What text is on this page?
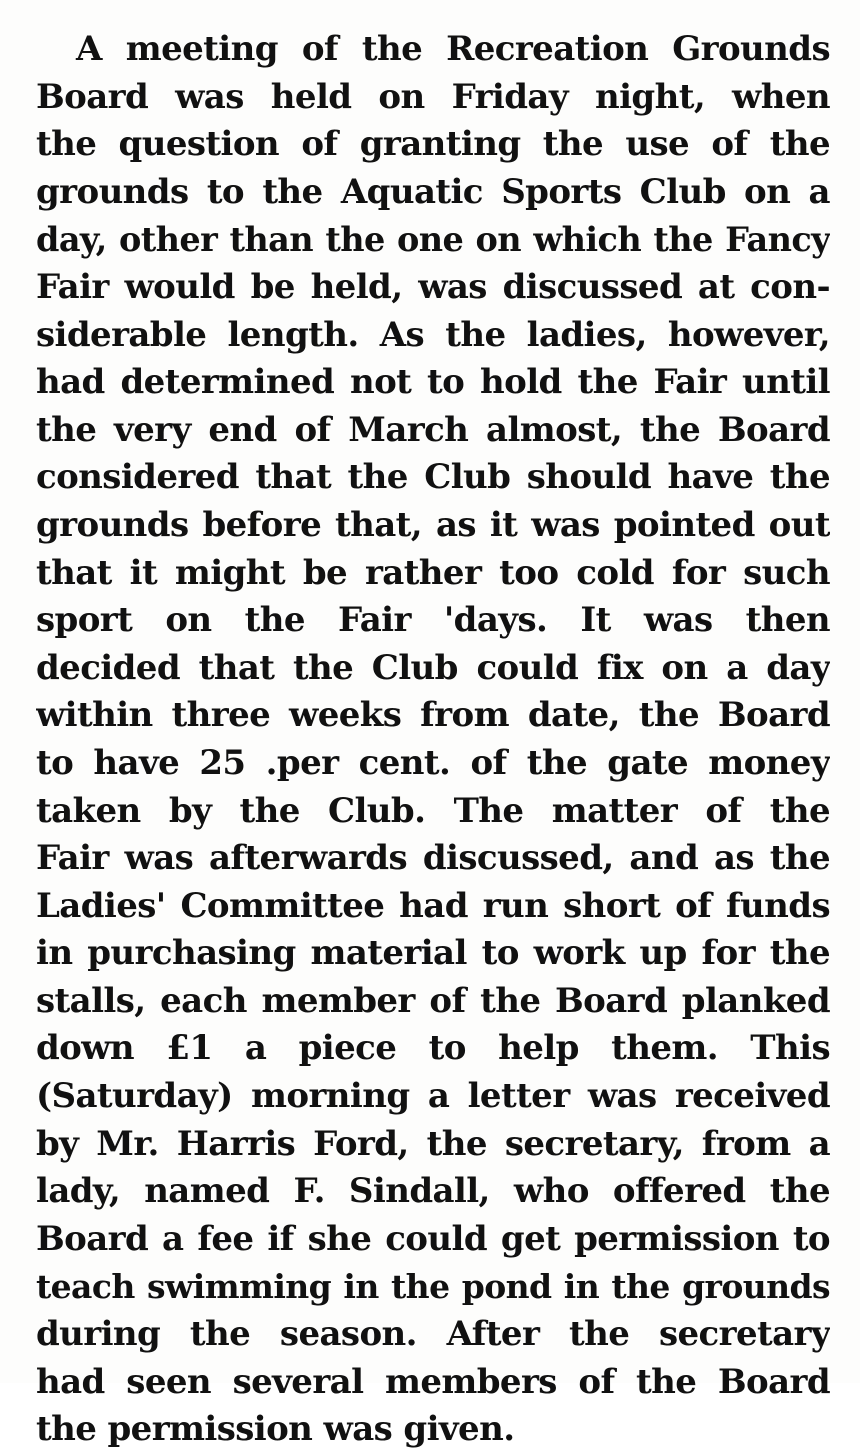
A meeting of the Recreation Grounds
Board was held on Friday night, when
the question of granting the use of the
grounds to the Aquatic Sports Club on a
day, other than the one on which the Fancy
Fair would be held, was discussed at con-
siderable length. As the ladies, however,
had determined not to hold the Fair until
the very end of March almost, the Board
considered that the Club should have the
grounds before that, as it was pointed out
that it might be rather too cold for such
sport on the Fair 'days. It was then
decided that the Club could fix on a day
within three weeks from date, the Board
to have 25 .per cent. of the gate money
taken by the Club. The matter of the
Fair was afterwards discussed, and as the
Ladies' Committee had run short of funds
in purchasing material to work up for the
stalls, each member of the Board planked
down £1 a piece to help them. This
(Saturday) morning a letter was received
by Mr. Harris Ford, the secretary, from a
lady, named F. Sindall, who offered the
Board a fee if she could get permission to
teach swimming in the pond in the grounds
during the season. After the secretary
had seen several members of the Board
the permission was given.
